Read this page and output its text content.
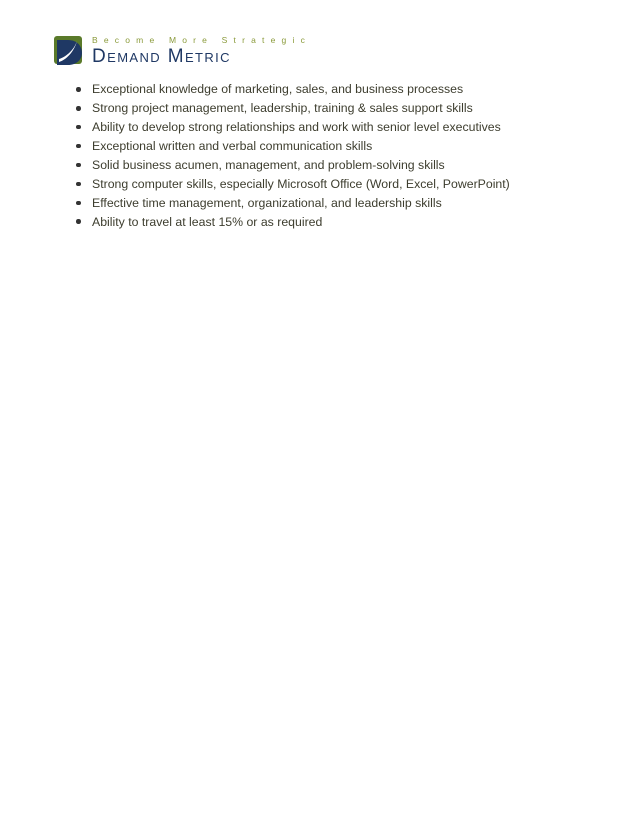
Become More Strategic
Demand Metric
Exceptional knowledge of marketing, sales, and business processes
Strong project management, leadership, training & sales support skills
Ability to develop strong relationships and work with senior level executives
Exceptional written and verbal communication skills
Solid business acumen, management, and problem-solving skills
Strong computer skills, especially Microsoft Office (Word, Excel, PowerPoint)
Effective time management, organizational, and leadership skills
Ability to travel at least 15% or as required
